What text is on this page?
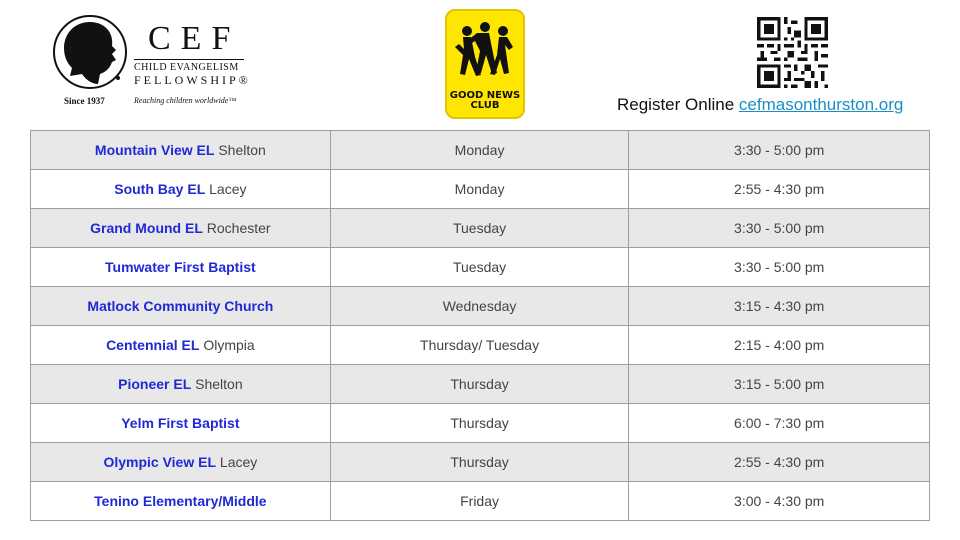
CEF
CHILD EVANGELISM
FELLOWSHIP®
Since 1937	Reaching children worldwide™	GOOD NEWS
CLUB	Register Online cefmasonthurston.org
Mountain View EL Shelton	Monday	3:30 - 5:00 pm
South Bay EL Lacey	Monday	2:55 - 4:30 pm
Grand Mound EL Rochester	Tuesday	3:30 - 5:00 pm
Tumwater First Baptist	Tuesday	3:30 - 5:00 pm
Matlock Community Church	Wednesday	3:15 - 4:30 pm
Centennial EL Olympia	Thursday/ Tuesday	2:15 - 4:00 pm
Pioneer EL Shelton	Thursday	3:15 - 5:00 pm
Yelm First Baptist	Thursday	6:00 - 7:30 pm
Olympic View EL Lacey	Thursday	2:55 - 4:30 pm
Tenino Elementary/Middle	Friday	3:00 - 4:30 pm
